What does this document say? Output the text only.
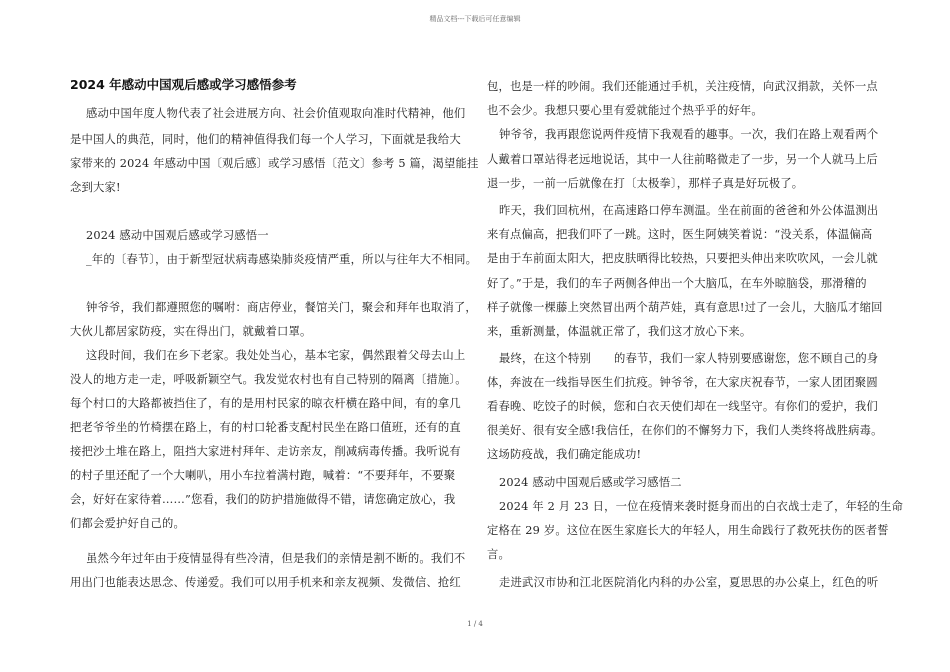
精品文档---下载后可任意编辑
2024 年感动中国观后感或学习感悟参考
感动中国年度人物代表了社会进展方向、社会价值观取向准时代精神，他们
是中国人的典范，同时，他们的精神值得我们每一个人学习，下面就是我给大
家带来的 2024 年感动中国〔观后感〕或学习感悟〔范文〕参考 5 篇，渴望能挂
念到大家!
2024 感动中国观后感或学习感悟一
_年的〔春节〕，由于新型冠状病毒感染肺炎疫情严重，所以与往年大不相同。
钟爷爷，我们都遵照您的嘱咐：商店停业，餐馆关门，聚会和拜年也取消了，
大伙儿都居家防疫，实在得出门，就戴着口罩。
这段时间，我们在乡下老家。我处处当心，基本宅家，偶然跟着父母去山上
没人的地方走一走，呼吸新颖空气。我发觉农村也有自己特别的隔离〔措施〕。
每个村口的大路都被挡住了，有的是用村民家的晾衣杆横在路中间，有的拿几
把老爷爷坐的竹椅摆在路上，有的村口轮番支配村民坐在路口值班，还有的直
接把沙土堆在路上，阻挡大家进村拜年、走访亲友，削减病毒传播。我听说有
的村子里还配了一个大喇叭，用小车拉着满村跑，喊着：“不要拜年，不要聚
会，好好在家待着……”您看，我们的防护措施做得不错，请您确定放心，我
们都会爱护好自己的。
虽然今年过年由于疫情显得有些冷清，但是我们的亲情是割不断的。我们不
用出门也能表达思念、传递爱。我们可以用手机来和亲友视频、发微信、抢红
包，也是一样的吵闹。我们还能通过手机，关注疫情，向武汉捐款，关怀一点
也不会少。我想只要心里有爱就能过个热乎乎的好年。
钟爷爷，我再跟您说两件疫情下我观看的趣事。一次，我们在路上观看两个
人戴着口罩站得老远地说话，其中一人往前略微走了一步，另一个人就马上后
退一步，一前一后就像在打〔太极拳〕，那样子真是好玩极了。
昨天，我们回杭州，在高速路口停车测温。坐在前面的爸爸和外公体温测出
来有点偏高，把我们吓了一跳。这时，医生阿姨笑着说：“没关系，体温偏高
是由于车前面太阳大，把皮肤晒得比较热，只要把头伸出来吹吹风，一会儿就
好了。”于是，我们的车子两侧各伸出一个大脑瓜，在车外晾脑袋，那滑稽的
样子就像一棵藤上突然冒出两个葫芦娃，真有意思!过了一会儿，大脑瓜才缩回
来，重新测量，体温就正常了，我们这才放心下来。
最终，在这个特别　　的春节，我们一家人特别要感谢您，您不顾自己的身
体，奔波在一线指导医生们抗疫。钟爷爷，在大家庆祝春节，一家人团团聚圆
看春晚、吃饺子的时候，您和白衣天使们却在一线坚守。有你们的爱护，我们
很美好、很有安全感!我信任，在你们的不懈努力下，我们人类终将战胜病毒。
这场防疫战，我们确定能成功!
2024 感动中国观后感或学习感悟二
2024 年 2 月 23 日，一位在疫情来袭时挺身而出的白衣战士走了，年轻的生命
定格在 29 岁。这位在医生家庭长大的年轻人，用生命践行了救死扶伤的医者誓
言。
走进武汉市协和江北医院消化内科的办公室，夏思思的办公桌上，红色的听
1 / 4
